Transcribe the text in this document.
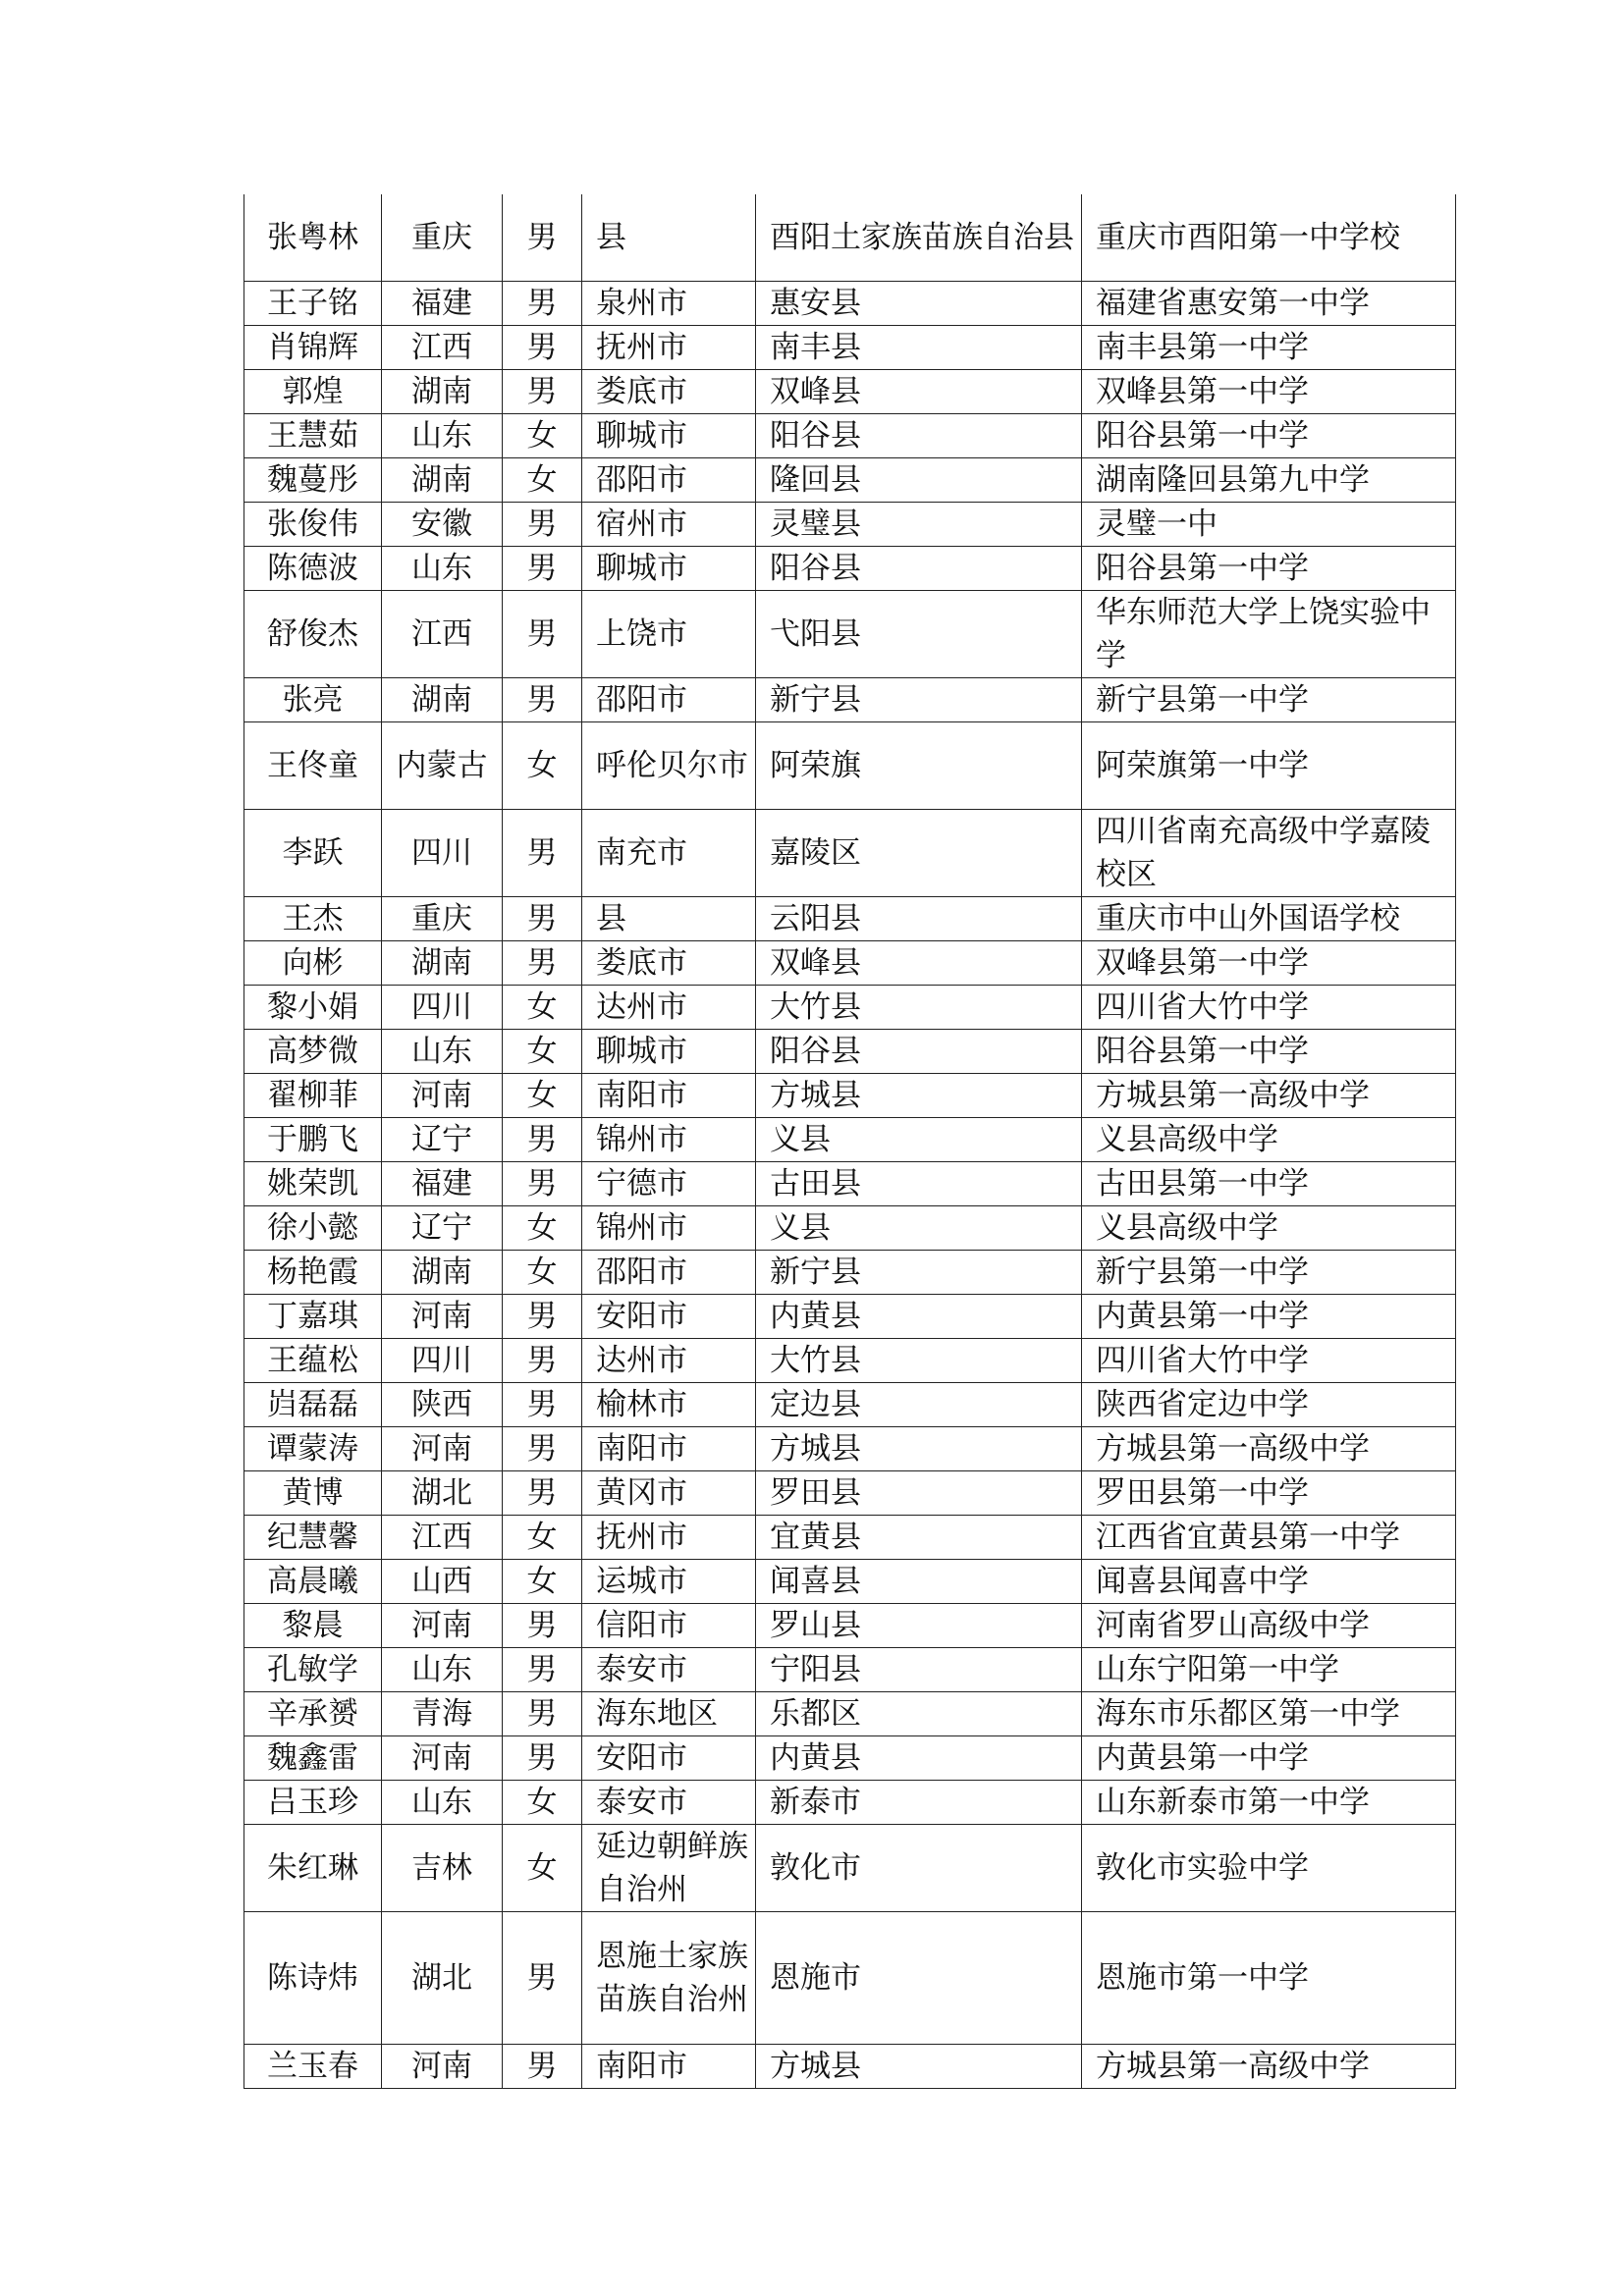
张粤林	重庆	男	县	酉阳土家族苗族自治县	重庆市酉阳第一中学校
王子铭	福建	男	泉州市	惠安县	福建省惠安第一中学
肖锦辉	江西	男	抚州市	南丰县	南丰县第一中学
郭煌	湖南	男	娄底市	双峰县	双峰县第一中学
王慧茹	山东	女	聊城市	阳谷县	阳谷县第一中学
魏蔓彤	湖南	女	邵阳市	隆回县	湖南隆回县第九中学
张俊伟	安徽	男	宿州市	灵璧县	灵璧一中
陈德波	山东	男	聊城市	阳谷县	阳谷县第一中学
舒俊杰	江西	男	上饶市	弋阳县	华东师范大学上饶实验中学
张亮	湖南	男	邵阳市	新宁县	新宁县第一中学
王佟童	内蒙古	女	呼伦贝尔市	阿荣旗	阿荣旗第一中学
李跃	四川	男	南充市	嘉陵区	四川省南充高级中学嘉陵校区
王杰	重庆	男	县	云阳县	重庆市中山外国语学校
向彬	湖南	男	娄底市	双峰县	双峰县第一中学
黎小娟	四川	女	达州市	大竹县	四川省大竹中学
高梦微	山东	女	聊城市	阳谷县	阳谷县第一中学
翟柳菲	河南	女	南阳市	方城县	方城县第一高级中学
于鹏飞	辽宁	男	锦州市	义县	义县高级中学
姚荣凯	福建	男	宁德市	古田县	古田县第一中学
徐小懿	辽宁	女	锦州市	义县	义县高级中学
杨艳霞	湖南	女	邵阳市	新宁县	新宁县第一中学
丁嘉琪	河南	男	安阳市	内黄县	内黄县第一中学
王蕴松	四川	男	达州市	大竹县	四川省大竹中学
岿磊磊	陕西	男	榆林市	定边县	陕西省定边中学
谭蒙涛	河南	男	南阳市	方城县	方城县第一高级中学
黄博	湖北	男	黄冈市	罗田县	罗田县第一中学
纪慧馨	江西	女	抚州市	宜黄县	江西省宜黄县第一中学
高晨曦	山西	女	运城市	闻喜县	闻喜县闻喜中学
黎晨	河南	男	信阳市	罗山县	河南省罗山高级中学
孔敏学	山东	男	泰安市	宁阳县	山东宁阳第一中学
辛承赟	青海	男	海东地区	乐都区	海东市乐都区第一中学
魏鑫雷	河南	男	安阳市	内黄县	内黄县第一中学
吕玉珍	山东	女	泰安市	新泰市	山东新泰市第一中学
朱红琳	吉林	女	延边朝鲜族自治州	敦化市	敦化市实验中学
陈诗炜	湖北	男	恩施土家族苗族自治州	恩施市	恩施市第一中学
兰玉春	河南	男	南阳市	方城县	方城县第一高级中学
